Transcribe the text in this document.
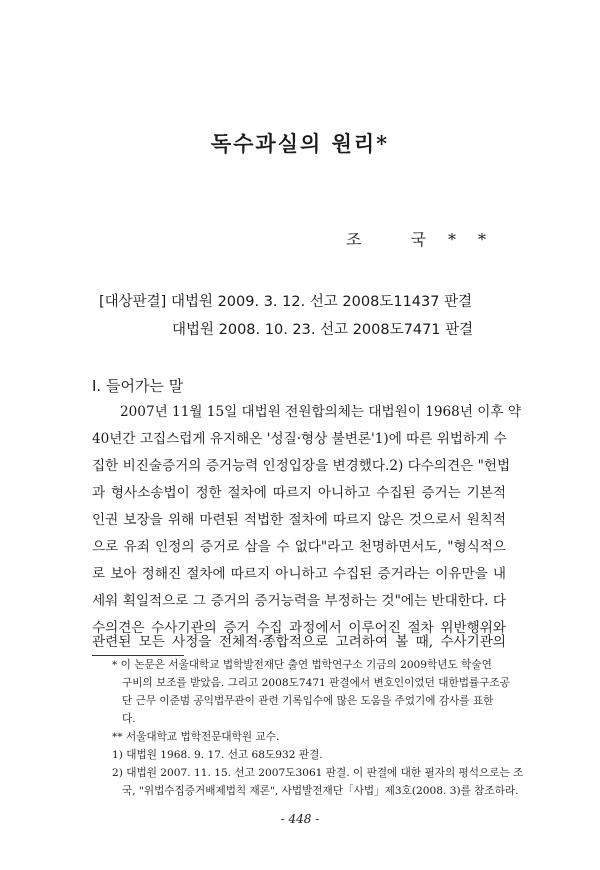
독수과실의 원리*
조 국**
[대상판결] 대법원 2009. 3. 12. 선고 2008도11437 판결
대법원 2008. 10. 23. 선고 2008도7471 판결
Ⅰ. 들어가는 말
2007년 11월 15일 대법원 전원합의체는 대법원이 1968년 이후 약
40년간 고집스럽게 유지해온 '성질·형상 불변론'1)에 따른 위법하게 수
집한 비진술증거의 증거능력 인정입장을 변경했다.2) 다수의견은 "헌법
과 형사소송법이 정한 절차에 따르지 아니하고 수집된 증거는 기본적
인권 보장을 위해 마련된 적법한 절차에 따르지 않은 것으로서 원칙적
으로 유죄 인정의 증거로 삼을 수 없다"라고 천명하면서도, "형식적으
로 보아 정해진 절차에 따르지 아니하고 수집된 증거라는 이유만을 내
세워 획일적으로 그 증거의 증거능력을 부정하는 것"에는 반대한다. 다
수의견은 수사기관의 증거 수집 과정에서 이루어진 절차 위반행위와
* 이 논문은 서울대학교 법학발전재단 출연 법학연구소 기금의 2009학년도 학술연
구비의 보조를 받았음. 그리고 2008도7471 판결에서 변호인이었던 대한법률구조공
단 근무 이준범 공익법무관이 관련 기록입수에 많은 도움을 주었기에 감사를 표한
다.
** 서울대학교 법학전문대학원 교수.
1) 대법원 1968. 9. 17. 선고 68도932 판결.
2) 대법원 2007. 11. 15. 선고 2007도3061 판결. 이 판결에 대한 필자의 평석으로는 조
국, "위법수집증거배제법칙 재론", 사법발전재단「사법」제3호(2008. 3)를 참조하라.
- 448 -
관련된 모든 사정을 전체적·종합적으로 고려하여 볼 때, 수사기관의
